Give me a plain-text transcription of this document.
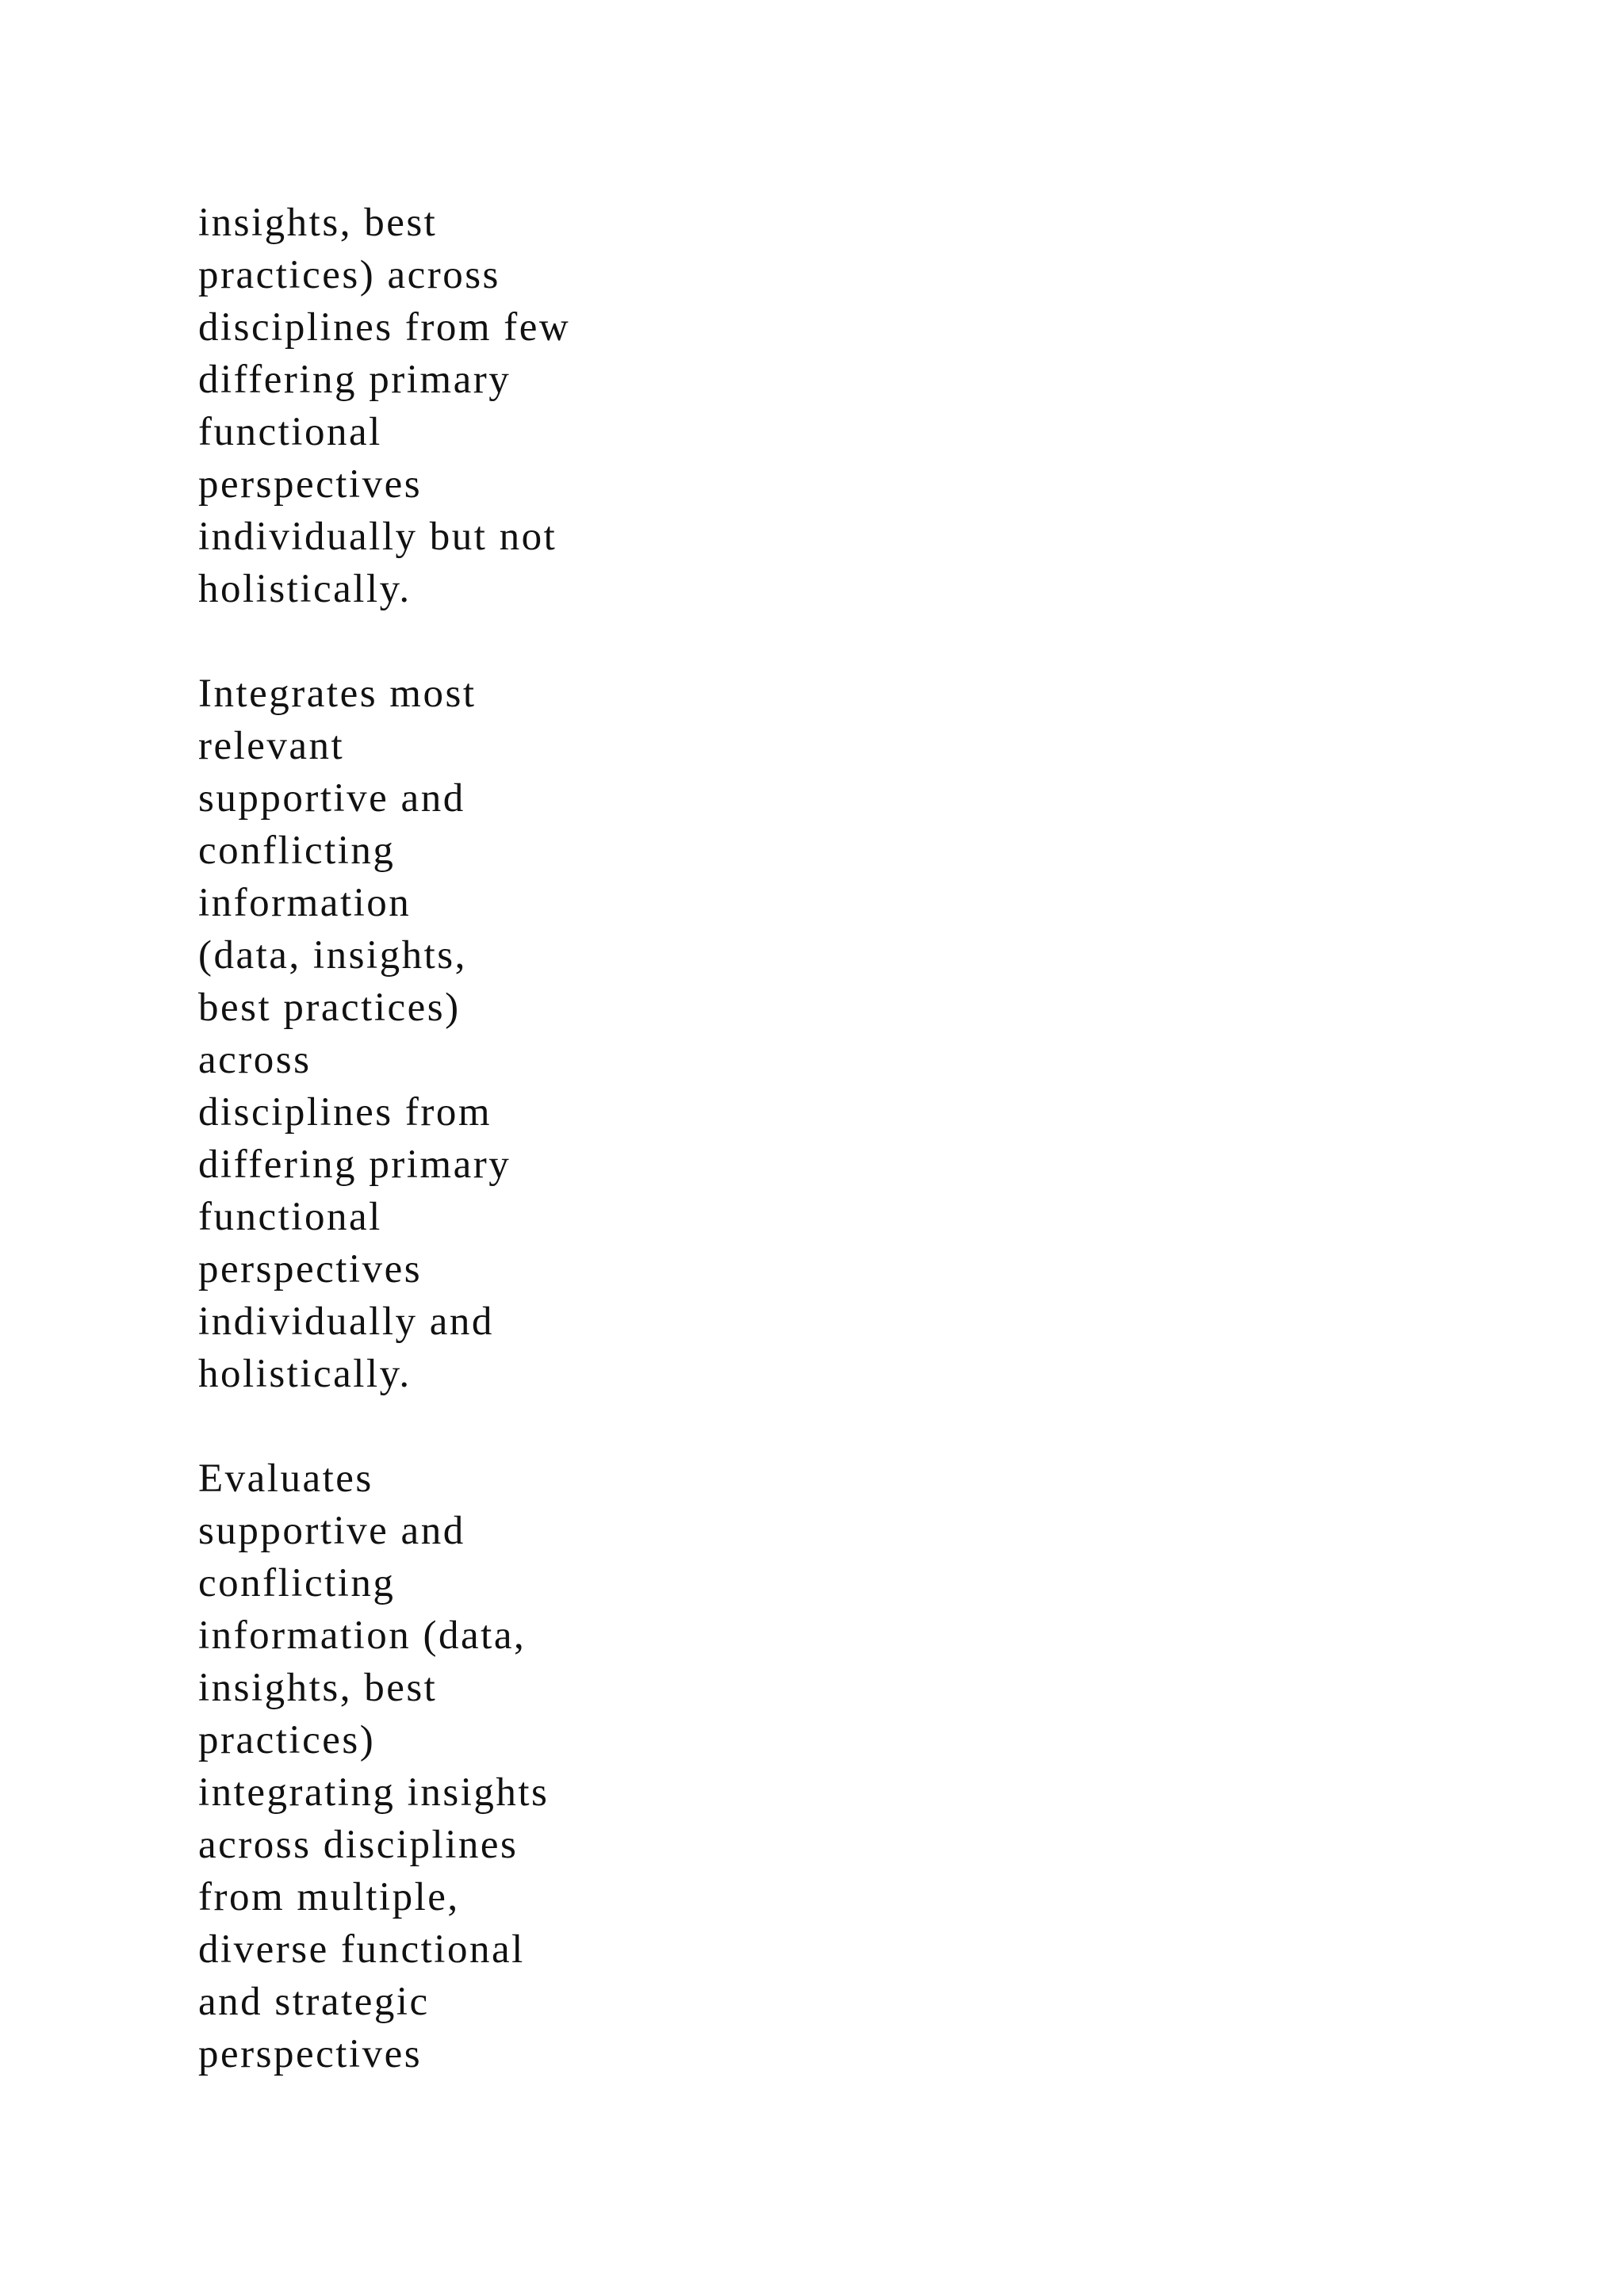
insights, best
practices) across
disciplines from few
differing primary
functional
perspectives
individually but not
holistically.

Integrates most
relevant
supportive and
conflicting
information
(data, insights,
best practices)
across
disciplines from
differing primary
functional
perspectives
individually and
holistically.

Evaluates
supportive and
conflicting
information (data,
insights, best
practices)
integrating insights
across disciplines
from multiple,
diverse functional
and strategic
perspectives
